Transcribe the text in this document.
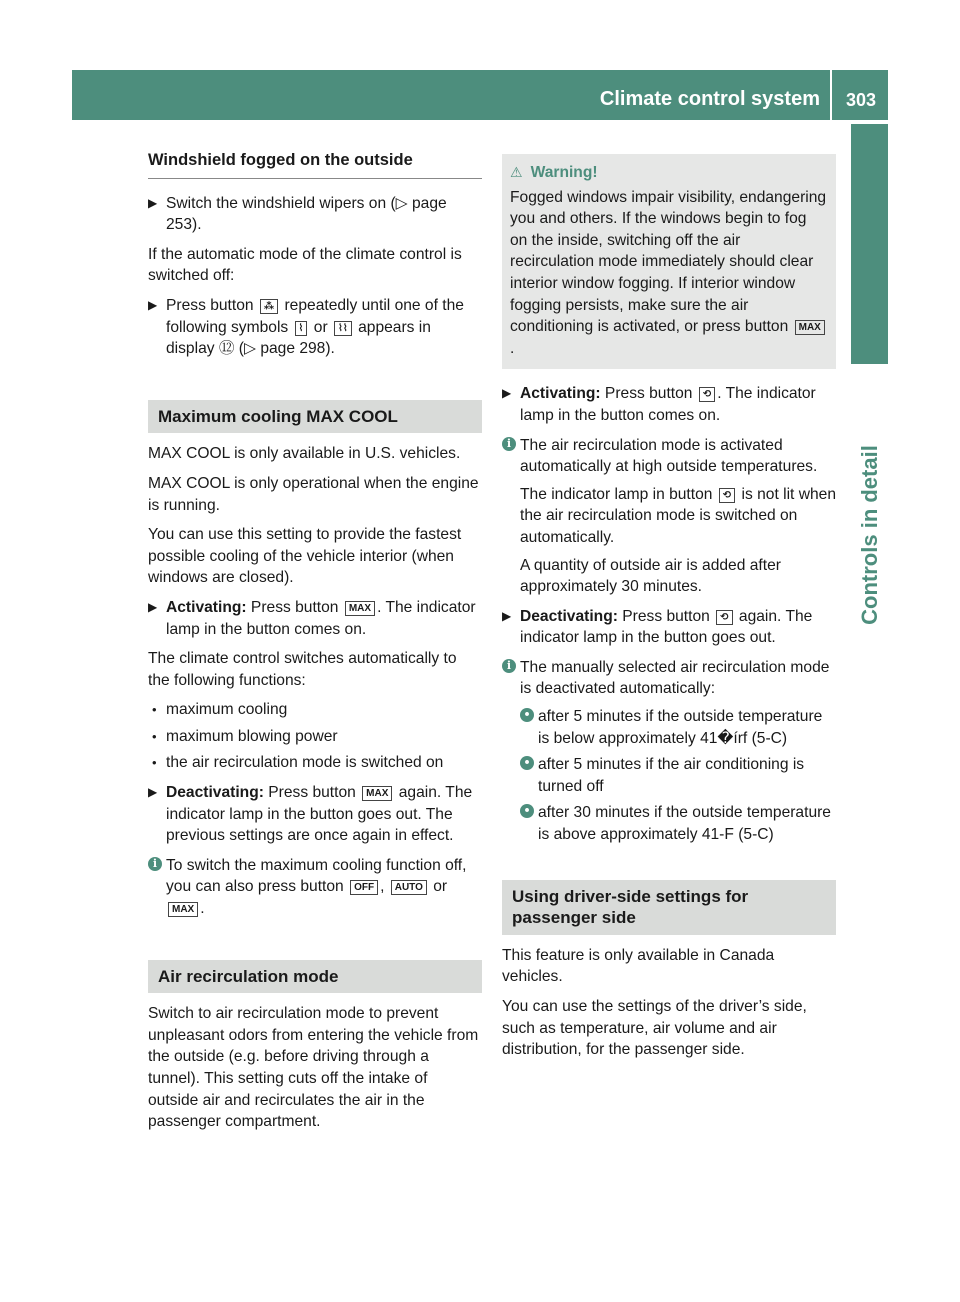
Climate control system 303
Controls in detail
Windshield fogged on the outside
▶ Switch the windshield wipers on (▷ page 253).

If the automatic mode of the climate control is switched off:

▶ Press button ⁂ repeatedly until one of the following symbols ⌇ or ⌇⌇ appears in display ⑫ (▷ page 298).
Maximum cooling MAX COOL

MAX COOL is only available in U.S. vehicles.

MAX COOL is only operational when the engine is running.

You can use this setting to provide the fastest possible cooling of the vehicle interior (when windows are closed).

▶ Activating: Press button MAX . The indicator lamp in the button comes on.

The climate control switches automatically to the following functions:

• maximum cooling
• maximum blowing power
• the air recirculation mode is switched on
▶ Deactivating: Press button MAX again. The indicator lamp in the button goes out. The previous settings are once again in effect.
i To switch the maximum cooling function off, you can also press button OFF , AUTO or MAX .
Air recirculation mode

Switch to air recirculation mode to prevent unpleasant odors from entering the vehicle from the outside (e.g. before driving through a tunnel). This setting cuts off the intake of outside air and recirculates the air in the passenger compartment.

⚠ Warning!
Fogged windows impair visibility, endangering you and others. If the windows begin to fog on the inside, switching off the air recirculation mode immediately should clear interior window fogging. If interior window fogging persists, make sure the air conditioning is activated, or press button MAX.
▶ Activating: Press button ⟲ . The indicator lamp in the button comes on.
i The air recirculation mode is activated automatically at high outside temperatures.

The indicator lamp in button ⟲ is not lit when the air recirculation mode is switched on automatically.

A quantity of outside air is added after approximately 30 minutes.

▶ Deactivating: Press button ⟲ again. The indicator lamp in the button goes out.
i The manually selected air recirculation mode is deactivated automatically:

• after 5 minutes if the outside temperature is below approximately 41�írf (5‐C)
• after 5 minutes if the air conditioning is turned off
• after 30 minutes if the outside temperature is above approximately 41‐F (5‐C)
Using driver-side settings for passenger side

This feature is only available in Canada vehicles.

You can use the settings of the driver’s side, such as temperature, air volume and air distribution, for the passenger side.
